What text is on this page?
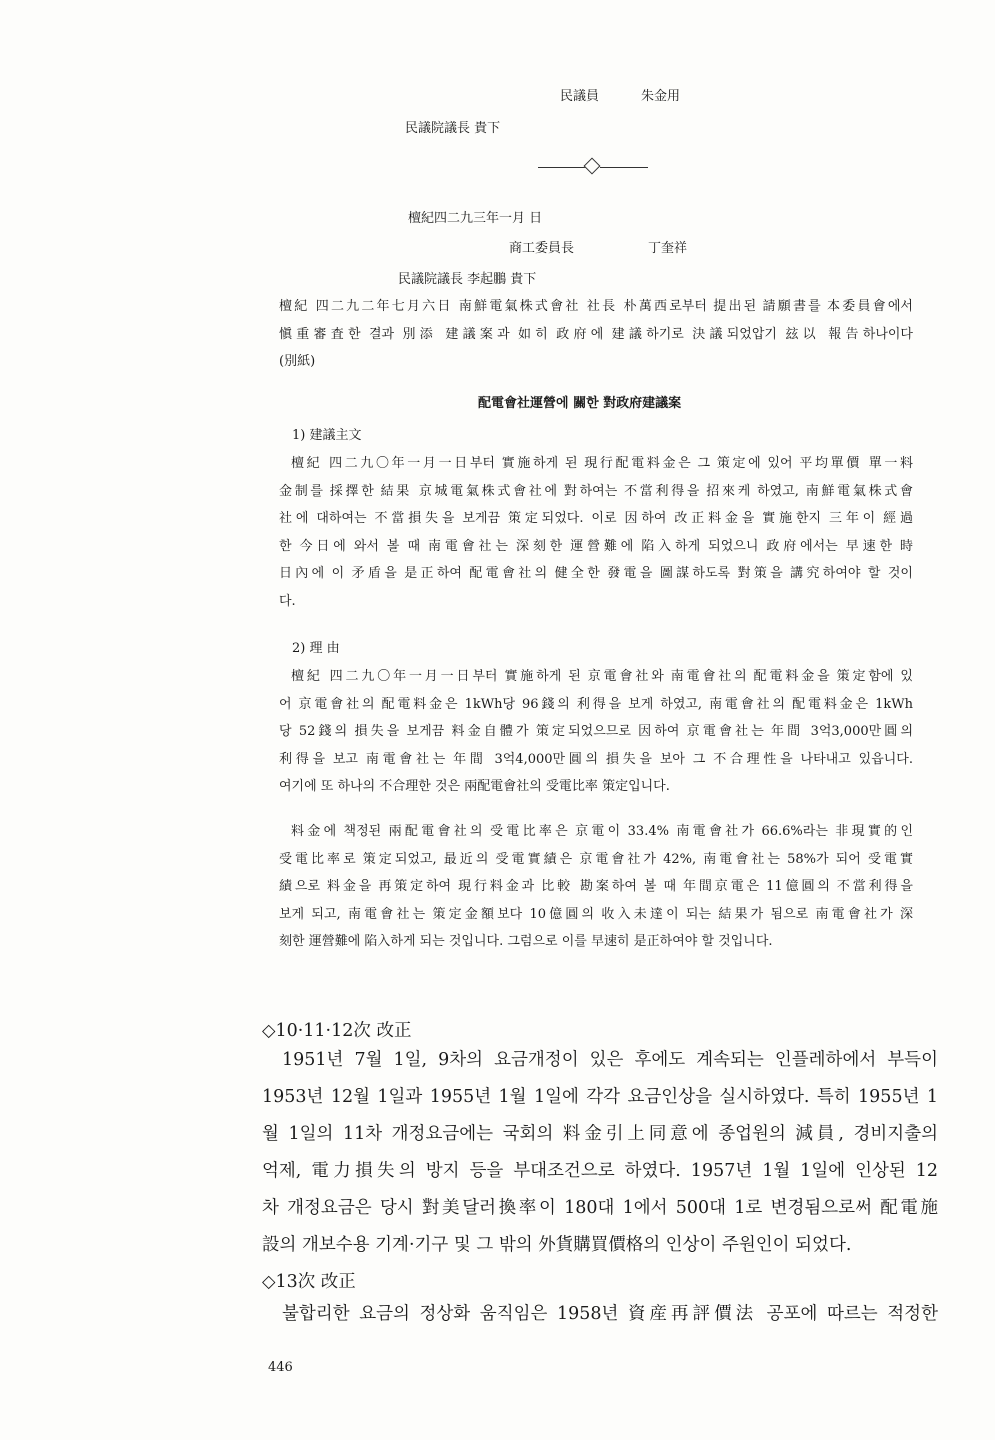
民議員	朱金用
民議院議長 貴下
檀紀四二九三年一月 日
商工委員長	丁奎祥
民議院議長 李起鵬 貴下
檀紀 四二九二年七月六日 南鮮電氣株式會社 社長 朴萬西로부터 提出된 請願書를 本委員會에서
愼重審査한 결과 別添 建議案과 如히 政府에 建議하기로 決議되었압기 玆以 報告하나이다
(別紙)
配電會社運營에 關한 對政府建議案
1) 建議主文
檀紀 四二九〇年一月一日부터 實施하게 된 現行配電料金은 그 策定에 있어 平均單價 單一料
金制를 採擇한 結果 京城電氣株式會社에 對하여는 不當利得을 招來케 하였고, 南鮮電氣株式會
社에 대하여는 不當損失을 보게끔 策定되었다. 이로 因하여 改正料金을 實施한지 三年이 經過
한 今日에 와서 볼 때 南電會社는 深刻한 運營難에 陷入하게 되었으니 政府에서는 早速한 時
日內에 이 矛盾을 是正하여 配電會社의 健全한 發電을 圖謀하도록 對策을 講究하여야 할 것이
다.
2) 理 由
檀紀 四二九〇年一月一日부터 實施하게 된 京電會社와 南電會社의 配電料金을 策定함에 있
어 京電會社의 配電料金은 1kWh당 96錢의 利得을 보게 하였고, 南電會社의 配電料金은 1kWh
당 52錢의 損失을 보게끔 料金自體가 策定되었으므로 因하여 京電會社는 年間 3억3,000만圓의
利得을 보고 南電會社는 年間 3억4,000만圓의 損失을 보아 그 不合理性을 나타내고 있읍니다.
여기에 또 하나의 不合理한 것은 兩配電會社의 受電比率 策定입니다.
料金에 책정된 兩配電會社의 受電比率은 京電이 33.4% 南電會社가 66.6%라는 非現實的인
受電比率로 策定되었고, 最近의 受電實績은 京電會社가 42%, 南電會社는 58%가 되어 受電實
績으로 料金을 再策定하여 現行料金과 比較 勘案하여 볼 때 年間京電은 11億圓의 不當利得을
보게 되고, 南電會社는 策定金額보다 10億圓의 收入未達이 되는 結果가 됨으로 南電會社가 深
刻한 運營難에 陷入하게 되는 것입니다. 그럼으로 이를 早速히 是正하여야 할 것입니다.
◇10·11·12次 改正
1951년 7월 1일, 9차의 요금개정이 있은 후에도 계속되는 인플레하에서 부득이
1953년 12월 1일과 1955년 1월 1일에 각각 요금인상을 실시하였다. 특히 1955년 1
월 1일의 11차 개정요금에는 국회의 料金引上同意에 종업원의 減員, 경비지출의
억제, 電力損失의 방지 등을 부대조건으로 하였다. 1957년 1월 1일에 인상된 12
차 개정요금은 당시 對美달러換率이 180대 1에서 500대 1로 변경됨으로써 配電施
設의 개보수용 기계·기구 및 그 밖의 外貨購買價格의 인상이 주원인이 되었다.
◇13次 改正
불합리한 요금의 정상화 움직임은 1958년 資産再評價法 공포에 따르는 적정한
446
